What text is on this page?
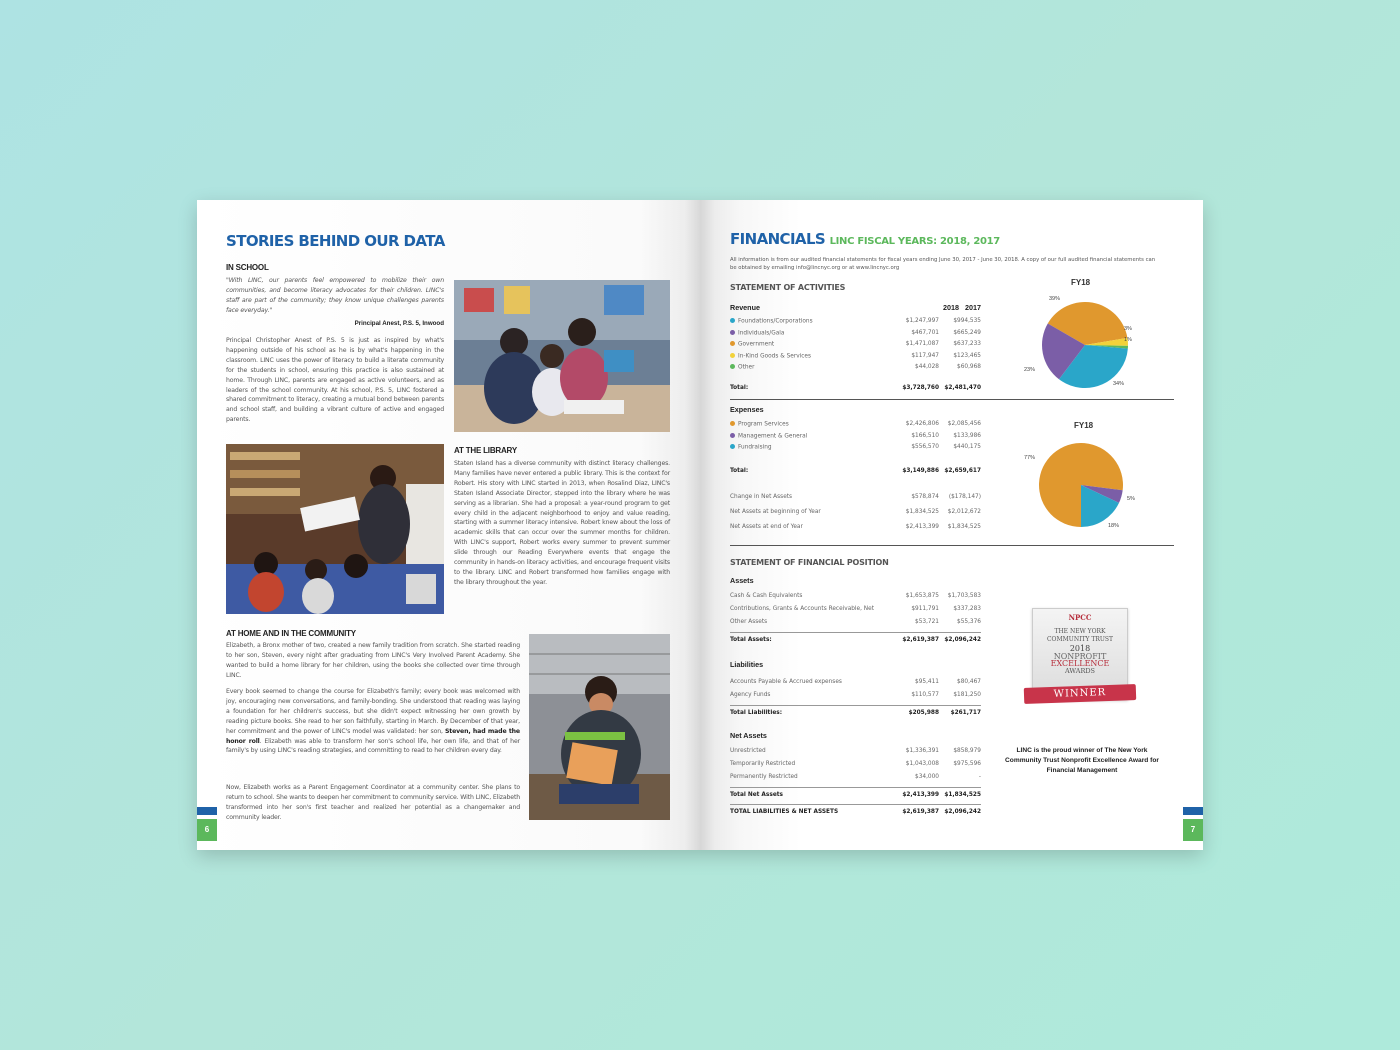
STORIES BEHIND OUR DATA
IN SCHOOL
"With LINC, our parents feel empowered to mobilize their own communities, and become literacy advocates for their children. LINC's staff are part of the community; they know unique challenges parents face everyday."
Principal Anest, P.S. 5, Inwood
Principal Christopher Anest of P.S. 5 is just as inspired by what's happening outside of his school as he is by what's happening in the classroom. LINC uses the power of literacy to build a literate community for the students in school, ensuring this practice is also sustained at home. Through LINC, parents are engaged as active volunteers, and as leaders of the school community. At his school, P.S. 5, LINC fostered a shared commitment to literacy, creating a mutual bond between parents and school staff, and building a vibrant culture of active and engaged parents.
AT THE LIBRARY
Staten Island has a diverse community with distinct literacy challenges. Many families have never entered a public library. This is the context for Robert. His story with LINC started in 2013, when Rosalind Diaz, LINC's Staten Island Associate Director, stepped into the library where he was serving as a librarian. She had a proposal: a year-round program to get every child in the adjacent neighborhood to enjoy and value reading, starting with a summer literacy intensive. Robert knew about the loss of academic skills that can occur over the summer months for children. With LINC's support, Robert works every summer to prevent summer slide through our Reading Everywhere events that engage the community in hands-on literacy activities, and encourage frequent visits to the library. LINC and Robert transformed how families engage with the library throughout the year.
AT HOME AND IN THE COMMUNITY
Elizabeth, a Bronx mother of two, created a new family tradition from scratch. She started reading to her son, Steven, every night after graduating from LINC's Very Involved Parent Academy. She wanted to build a home library for her children, using the books she collected over time through LINC.
Every book seemed to change the course for Elizabeth's family; every book was welcomed with joy, encouraging new conversations, and family-bonding. She understood that reading was laying a foundation for her children's success, but she didn't expect witnessing her own growth by reading picture books. She read to her son faithfully, starting in March. By December of that year, her commitment and the power of LINC's model was validated: her son, Steven, had made the honor roll. Elizabeth was able to transform her son's school life, her own life, and that of her family's by using LINC's reading strategies, and committing to read to her children every day.
Now, Elizabeth works as a Parent Engagement Coordinator at a community center. She plans to return to school. She wants to deepen her commitment to community service. With LINC, Elizabeth transformed into her son's first teacher and realized her potential as a changemaker and community leader.
6
FINANCIALS LINC FISCAL YEARS: 2018, 2017
All information is from our audited financial statements for fiscal years ending June 30, 2017 - June 30, 2018. A copy of our full audited financial statements can be obtained by emailing info@lincnyc.org or at www.lincnyc.org
STATEMENT OF ACTIVITIES
Revenue	2018 2017
Foundations/Corporations	$1,247,997 $994,535
Individuals/Gala	$467,701 $665,249
Government	$1,471,087 $637,233
In-Kind Goods & Services	$117,947 $123,465
Other	$44,028	$60,968
Total:	$3,728,760 $2,481,470
Expenses
Program Services	$2,426,806 $2,085,456
Management & General	$166,510 $133,986
Fundraising	$556,570 $440,175
Total:	$3,149,886 $2,659,617
Change in Net Assets	$578,874 ($178,147)
Net Assets at beginning of Year	$1,834,525 $2,012,672
Net Assets at end of Year	$2,413,399 $1,834,525
STATEMENT OF FINANCIAL POSITION
Assets
Cash & Cash Equivalents	$1,653,875 $1,703,583
Contributions, Grants & Accounts Receivable, Net	$911,791 $337,283
Other Assets	$53,721	$55,376
Total Assets:	$2,619,387 $2,096,242
Liabilities
Accounts Payable & Accrued expenses	$95,411	$80,467
Agency Funds	$110,577 $181,250
Total Liabilities:	$205,988 $261,717
Net Assets
Unrestricted	$1,336,391 $858,979
Temporarily Restricted	$1,043,008 $975,596
Permanently Restricted	$34,000	-
Total Net Assets	$2,413,399 $1,834,525
TOTAL LIABILITIES & NET ASSETS	$2,619,387 $2,096,242
FY18
39%
3%
1%
34%
23%
FY18
77%
5%
18%
NPCC
THE NEW YORK
COMMUNITY TRUST
2018
NONPROFIT
EXCELLENCE
AWARDS
WINNER
LINC is the proud winner of The New York Community Trust Nonprofit Excellence Award for Financial Management
7
